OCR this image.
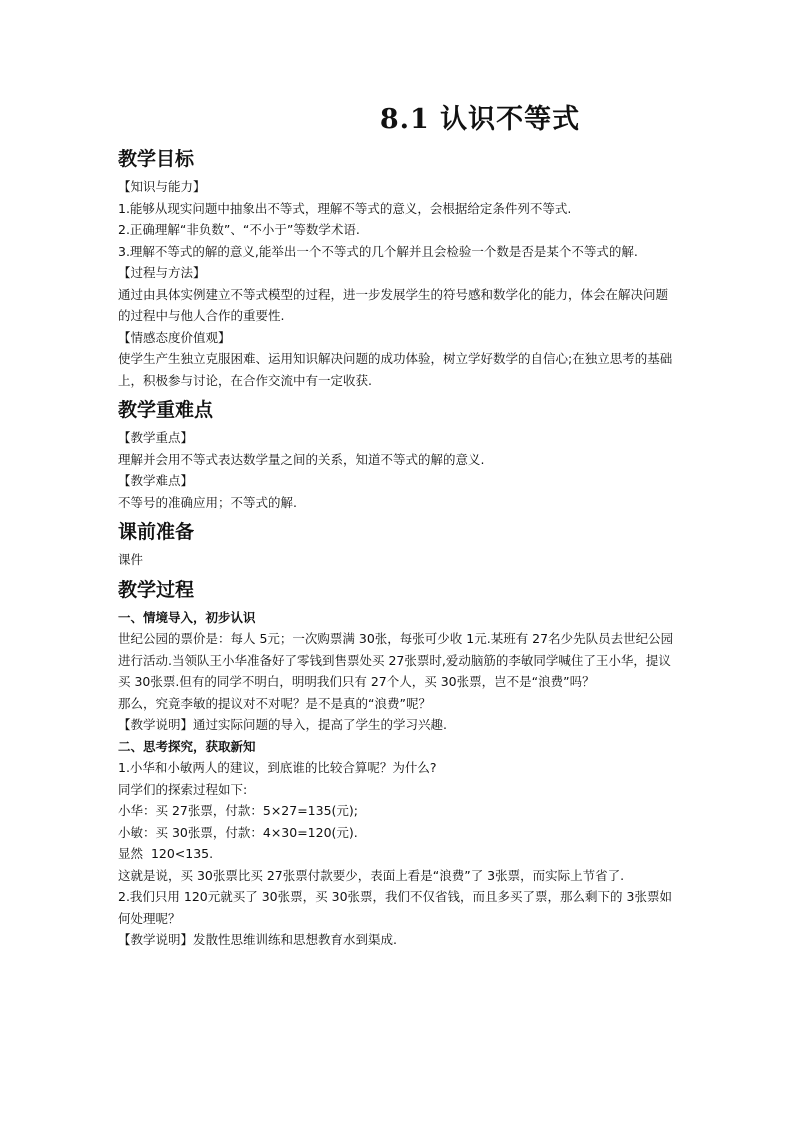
8.1 认识不等式
教学目标

【知识与能力】

1.能够从现实问题中抽象出不等式，理解不等式的意义，会根据给定条件列不等式.

2.正确理解“非负数”、“不小于”等数学术语.

3.理解不等式的解的意义,能举出一个不等式的几个解并且会检验一个数是否是某个不等式的解.

【过程与方法】

通过由具体实例建立不等式模型的过程，进一步发展学生的符号感和数学化的能力，体会在解决问题的过程中与他人合作的重要性.

【情感态度价值观】

使学生产生独立克服困难、运用知识解决问题的成功体验，树立学好数学的自信心;在独立思考的基础上，积极参与讨论，在合作交流中有一定收获.

教学重难点

【教学重点】

理解并会用不等式表达数学量之间的关系，知道不等式的解的意义.

【教学难点】

不等号的准确应用；不等式的解.

课前准备

课件

教学过程

一、情境导入，初步认识

世纪公园的票价是：每人 5元；一次购票满 30张，每张可少收 1元.某班有 27名少先队员去世纪公园进行活动.当领队王小华准备好了零钱到售票处买 27张票时,爱动脑筋的李敏同学喊住了王小华，提议买 30张票.但有的同学不明白，明明我们只有 27个人，买 30张票，岂不是“浪费”吗？

那么，究竟李敏的提议对不对呢？是不是真的“浪费”呢？

【教学说明】通过实际问题的导入，提高了学生的学习兴趣.

二、思考探究，获取新知

1.小华和小敏两人的建议，到底谁的比较合算呢？为什么?

同学们的探索过程如下:

小华：买 27张票，付款：5×27=135(元);

小敏：买 30张票，付款：4×30=120(元).

显然  120<135.

这就是说，买 30张票比买 27张票付款要少，表面上看是“浪费”了 3张票，而实际上节省了.

2.我们只用 120元就买了 30张票，买 30张票，我们不仅省钱，而且多买了票，那么剩下的 3张票如何处理呢？

【教学说明】发散性思维训练和思想教育水到渠成.
